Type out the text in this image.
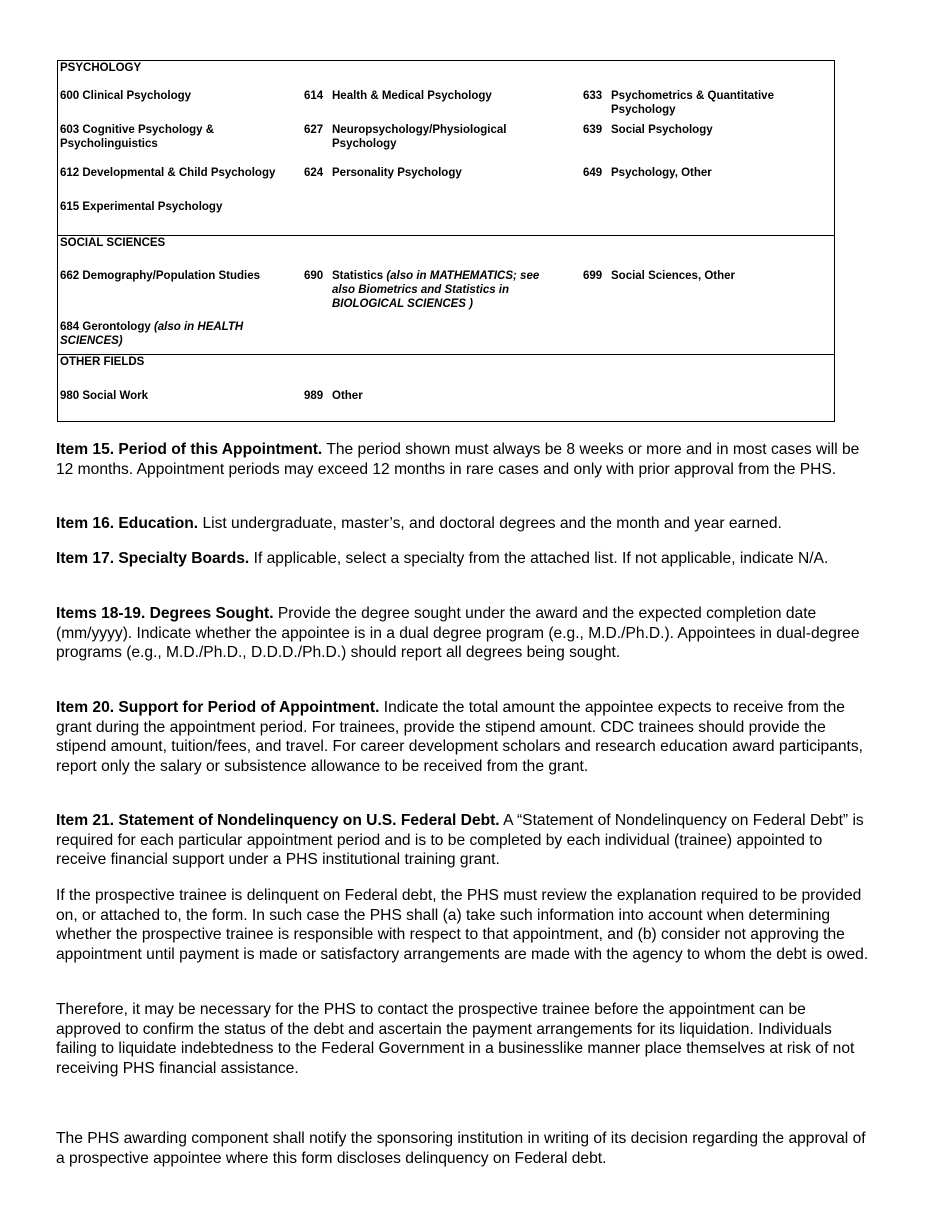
PSYCHOLOGY
600 Clinical Psychology
603 Cognitive Psychology &
Psycholinguistics
612 Developmental & Child Psychology
615 Experimental Psychology
614 Health & Medical Psychology
627 Neuropsychology/Physiological
Psychology
624 Personality Psychology
633 Psychometrics & Quantitative
Psychology
639 Social Psychology
649 Psychology, Other
SOCIAL SCIENCES
662 Demography/Population Studies
684 Gerontology (also in HEALTH
SCIENCES)
690 Statistics (also in MATHEMATICS; see
also Biometrics and Statistics in
BIOLOGICAL SCIENCES )
699 Social Sciences, Other
OTHER FIELDS
980 Social Work	989 Other

Item 15. Period of this Appointment. The period shown must always be 8 weeks or more and in most cases will be 12 months. Appointment periods may exceed 12 months in rare cases and only with prior approval from the PHS.

Item 16. Education. List undergraduate, master’s, and doctoral degrees and the month and year earned.

Item 17. Specialty Boards. If applicable, select a specialty from the attached list. If not applicable, indicate N/A.

Items 18-19. Degrees Sought. Provide the degree sought under the award and the expected completion date (mm/yyyy). Indicate whether the appointee is in a dual degree program (e.g., M.D./Ph.D.). Appointees in dual-degree programs (e.g., M.D./Ph.D., D.D.D./Ph.D.) should report all degrees being sought.

Item 20. Support for Period of Appointment. Indicate the total amount the appointee expects to receive from the grant during the appointment period. For trainees, provide the stipend amount. CDC trainees should provide the stipend amount, tuition/fees, and travel. For career development scholars and research education award participants, report only the salary or subsistence allowance to be received from the grant.

Item 21. Statement of Nondelinquency on U.S. Federal Debt. A “Statement of Nondelinquency on Federal Debt” is required for each particular appointment period and is to be completed by each individual (trainee) appointed to receive financial support under a PHS institutional training grant.

If the prospective trainee is delinquent on Federal debt, the PHS must review the explanation required to be provided on, or attached to, the form. In such case the PHS shall (a) take such information into account when determining whether the prospective trainee is responsible with respect to that appointment, and (b) consider not approving the appointment until payment is made or satisfactory arrangements are made with the agency to whom the debt is owed.

Therefore, it may be necessary for the PHS to contact the prospective trainee before the appointment can be approved to confirm the status of the debt and ascertain the payment arrangements for its liquidation. Individuals failing to liquidate indebtedness to the Federal Government in a businesslike manner place themselves at risk of not receiving PHS financial assistance.

The PHS awarding component shall notify the sponsoring institution in writing of its decision regarding the approval of a prospective appointee where this form discloses delinquency on Federal debt.
